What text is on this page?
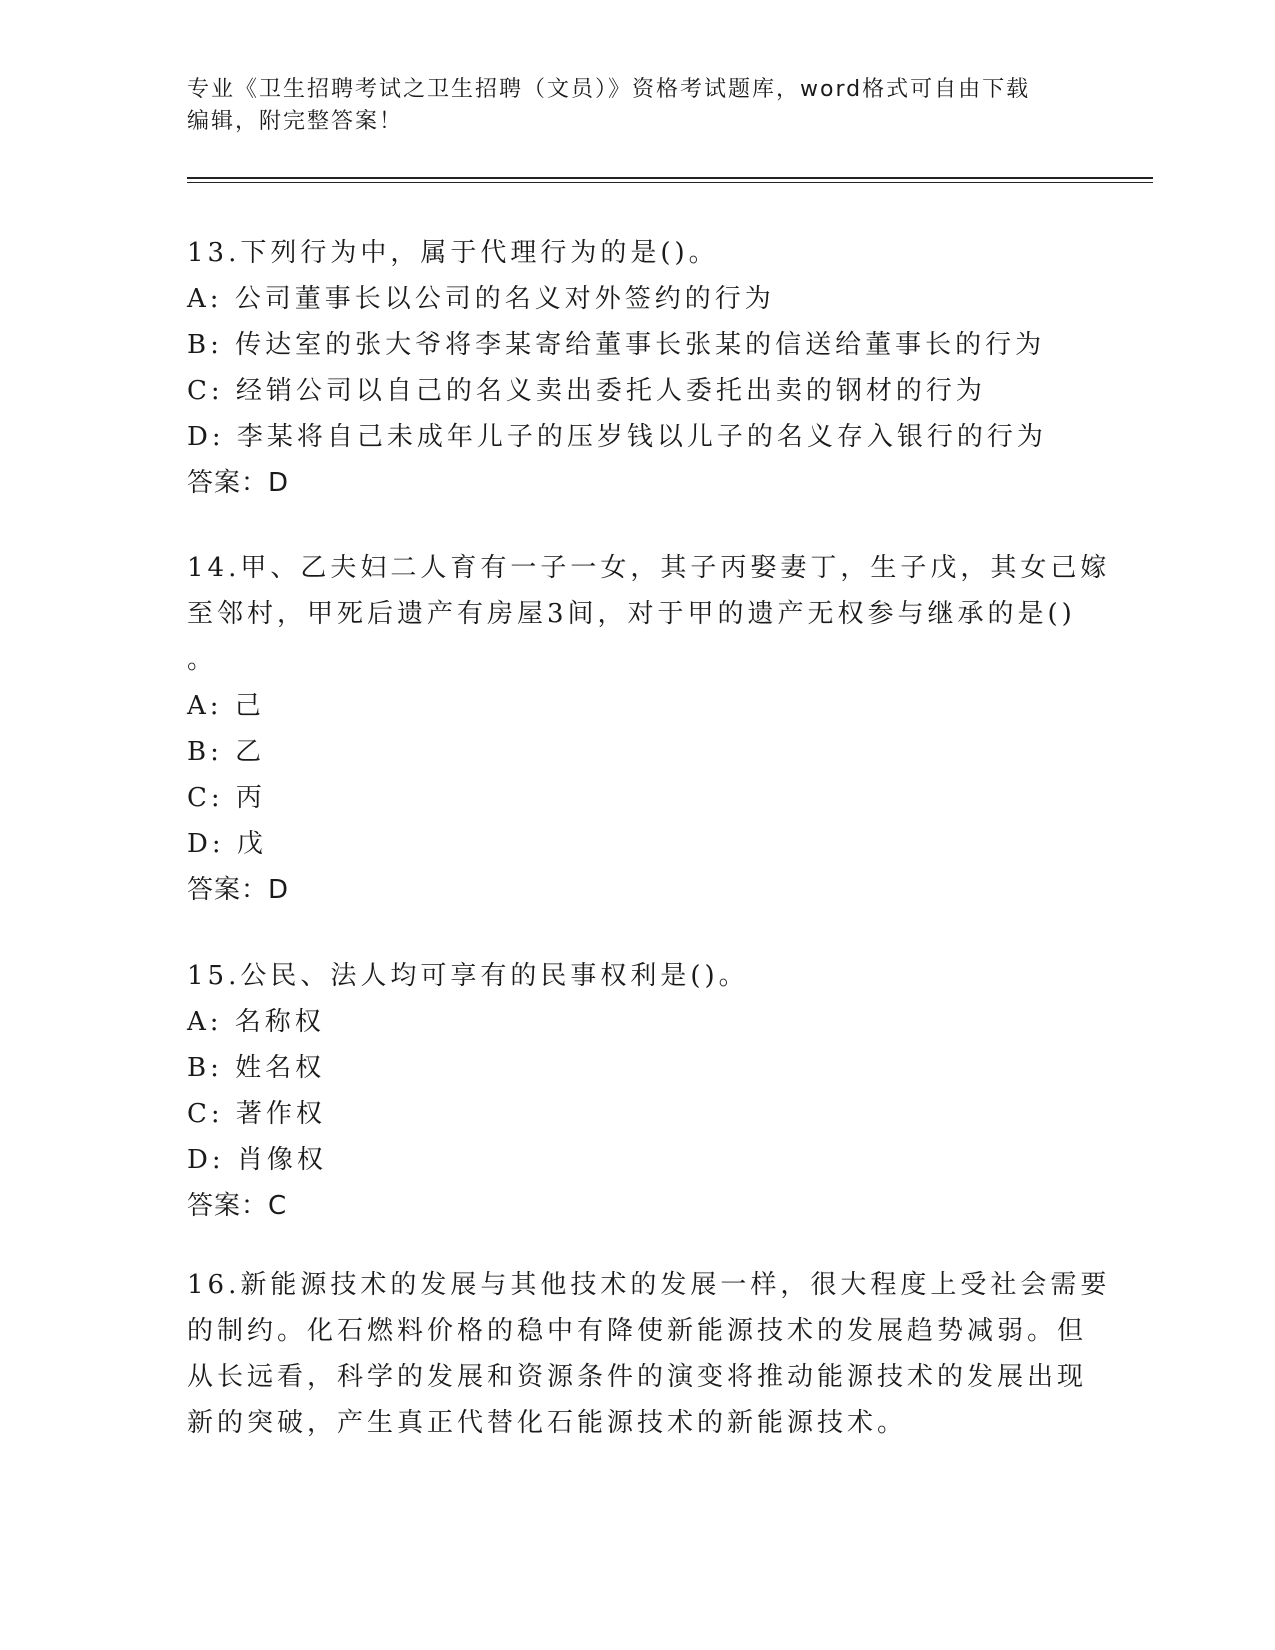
专业《卫生招聘考试之卫生招聘（文员）》资格考试题库，word格式可自由下载
编辑，附完整答案！
13.下列行为中，属于代理行为的是()。
A: 公司董事长以公司的名义对外签约的行为
B: 传达室的张大爷将李某寄给董事长张某的信送给董事长的行为
C: 经销公司以自己的名义卖出委托人委托出卖的钢材的行为
D: 李某将自己未成年儿子的压岁钱以儿子的名义存入银行的行为
答案：D
14.甲、乙夫妇二人育有一子一女，其子丙娶妻丁，生子戊，其女己嫁
至邻村，甲死后遗产有房屋3间，对于甲的遗产无权参与继承的是()
。
A: 己
B: 乙
C: 丙
D: 戊
答案：D
15.公民、法人均可享有的民事权利是()。
A: 名称权
B: 姓名权
C: 著作权
D: 肖像权
答案：C
16.新能源技术的发展与其他技术的发展一样，很大程度上受社会需要
的制约。化石燃料价格的稳中有降使新能源技术的发展趋势减弱。但
从长远看，科学的发展和资源条件的演变将推动能源技术的发展出现
新的突破，产生真正代替化石能源技术的新能源技术。
